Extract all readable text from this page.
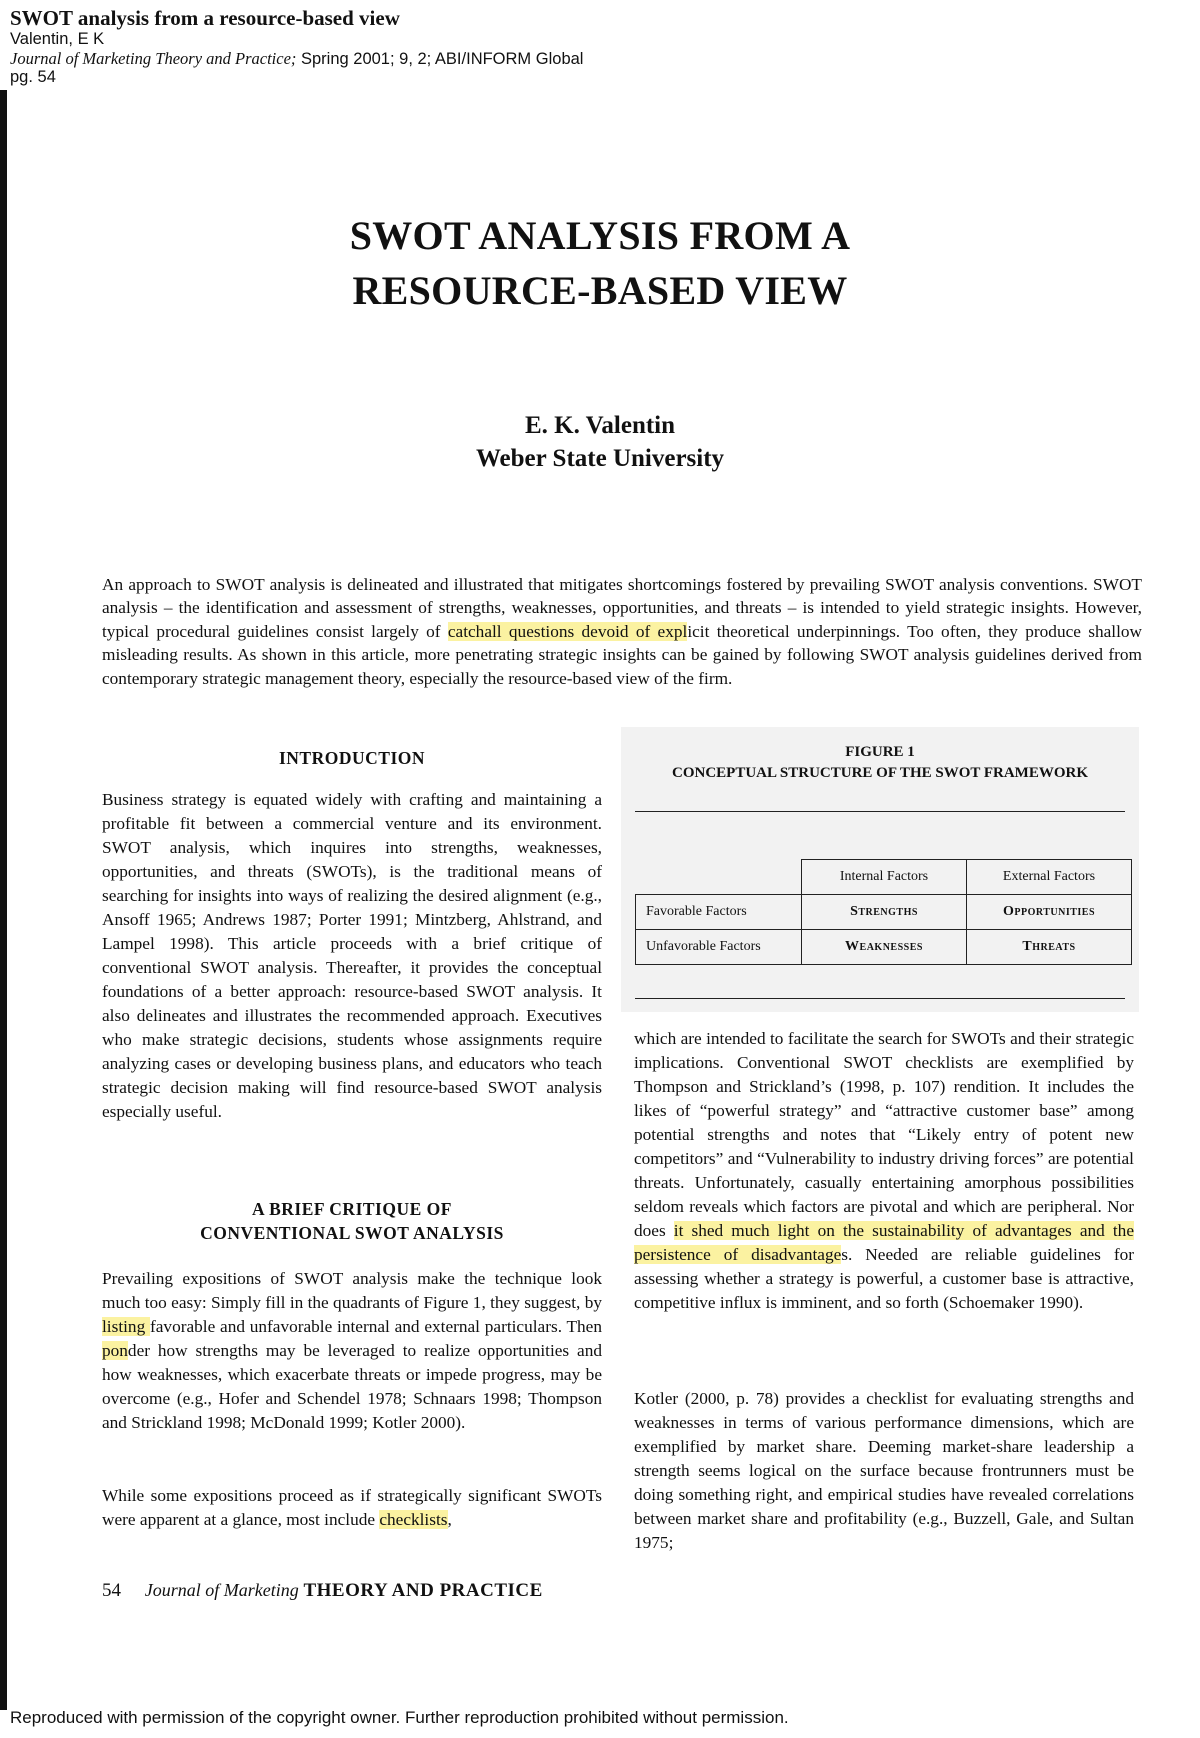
SWOT analysis from a resource-based view
Valentin, E K
Journal of Marketing Theory and Practice; Spring 2001; 9, 2; ABI/INFORM Global
pg. 54
SWOT ANALYSIS FROM A
RESOURCE-BASED VIEW
E. K. Valentin
Weber State University
An approach to SWOT analysis is delineated and illustrated that mitigates shortcomings fostered by prevailing SWOT analysis conventions. SWOT analysis – the identification and assessment of strengths, weaknesses, opportunities, and threats – is intended to yield strategic insights. However, typical procedural guidelines consist largely of catchall questions devoid of explicit theoretical underpinnings. Too often, they produce shallow misleading results. As shown in this article, more penetrating strategic insights can be gained by following SWOT analysis guidelines derived from contemporary strategic management theory, especially the resource-based view of the firm.
INTRODUCTION

Business strategy is equated widely with crafting and maintaining a profitable fit between a commercial venture and its environment. SWOT analysis, which inquires into strengths, weaknesses, opportunities, and threats (SWOTs), is the traditional means of searching for insights into ways of realizing the desired alignment (e.g., Ansoff 1965; Andrews 1987; Porter 1991; Mintzberg, Ahlstrand, and Lampel 1998). This article proceeds with a brief critique of conventional SWOT analysis. Thereafter, it provides the conceptual foundations of a better approach: resource-based SWOT analysis. It also delineates and illustrates the recommended approach. Executives who make strategic decisions, students whose assignments require analyzing cases or developing business plans, and educators who teach strategic decision making will find resource-based SWOT analysis especially useful.

A BRIEF CRITIQUE OF
CONVENTIONAL SWOT ANALYSIS

Prevailing expositions of SWOT analysis make the technique look much too easy: Simply fill in the quadrants of Figure 1, they suggest, by listing favorable and unfavorable internal and external particulars. Then ponder how strengths may be leveraged to realize opportunities and how weaknesses, which exacerbate threats or impede progress, may be overcome (e.g., Hofer and Schendel 1978; Schnaars 1998; Thompson and Strickland 1998; McDonald 1999; Kotler 2000).

While some expositions proceed as if strategically significant SWOTs were apparent at a glance, most include checklists,

FIGURE 1
CONCEPTUAL STRUCTURE OF THE SWOT FRAMEWORK
	Internal Factors	External Factors
Favorable Factors	Strengths	Opportunities
Unfavorable Factors	Weaknesses	Threats

which are intended to facilitate the search for SWOTs and their strategic implications. Conventional SWOT checklists are exemplified by Thompson and Strickland’s (1998, p. 107) rendition. It includes the likes of “powerful strategy” and “attractive customer base” among potential strengths and notes that “Likely entry of potent new competitors” and “Vulnerability to industry driving forces” are potential threats. Unfortunately, casually entertaining amorphous possibilities seldom reveals which factors are pivotal and which are peripheral. Nor does it shed much light on the sustainability of advantages and the persistence of disadvantages. Needed are reliable guidelines for assessing whether a strategy is powerful, a customer base is attractive, competitive influx is imminent, and so forth (Schoemaker 1990).

Kotler (2000, p. 78) provides a checklist for evaluating strengths and weaknesses in terms of various performance dimensions, which are exemplified by market share. Deeming market-share leadership a strength seems logical on the surface because frontrunners must be doing something right, and empirical studies have revealed correlations between market share and profitability (e.g., Buzzell, Gale, and Sultan 1975;

54 Journal of Marketing THEORY AND PRACTICE
Reproduced with permission of the copyright owner. Further reproduction prohibited without permission.
